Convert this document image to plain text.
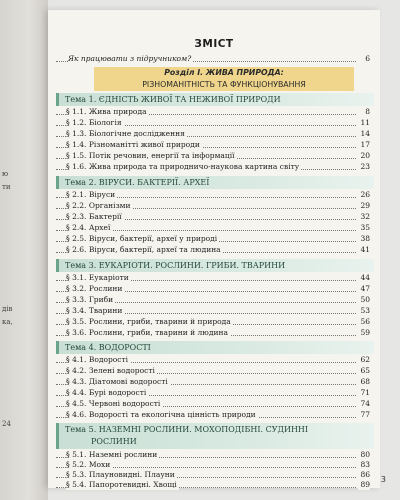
ю
ти
дів
ка,
24
ЗМІСТ
Як працювати з підручником?	6
Розділ І. ЖИВА ПРИРОДА:
РІЗНОМАНІТНІСТЬ ТА ФУНКЦІОНУВАННЯ
Тема 1. ЄДНІСТЬ ЖИВОЇ ТА НЕЖИВОЇ ПРИРОДИ
§ 1.1. Жива природа	8
§ 1.2. Біологія	11
§ 1.3. Біологічне дослідження	14
§ 1.4. Різноманітті живої природи	17
§ 1.5. Потік речовин, енергії та інформації	20
§ 1.6. Жива природа та природничо-наукова картина світу	23
Тема 2. ВІРУСИ. БАКТЕРІЇ. АРХЕЇ
§ 2.1. Віруси	26
§ 2.2. Організми	29
§ 2.3. Бактерії	32
§ 2.4. Археї	35
§ 2.5. Віруси, бактерії, археї у природі	38
§ 2.6. Віруси, бактерії, археї та людина	41
Тема 3. ЕУКАРІОТИ. РОСЛИНИ. ГРИБИ. ТВАРИНИ
§ 3.1. Еукаріоти	44
§ 3.2. Рослини	47
§ 3.3. Гриби	50
§ 3.4. Тварини	53
§ 3.5. Рослини, гриби, тварини й природа	56
§ 3.6. Рослини, гриби, тварини й людина	59
Тема 4. ВОДОРОСТІ
§ 4.1. Водорості	62
§ 4.2. Зелені водорості	65
§ 4.3. Діатомові водорості	68
§ 4.4. Бурі водорості	71
§ 4.5. Червоні водорості	74
§ 4.6. Водорості та екологічна цінність природи	77
Тема 5. НАЗЕМНІ РОСЛИНИ. МОХОПОДІБНІ. СУДИННІ
РОСЛИНИ
§ 5.1. Наземні рослини	80
§ 5.2. Мохи	83
§ 5.3. Плауновидні. Плауни	86
§ 5.4. Папоротевидні. Хвощі	89
3
